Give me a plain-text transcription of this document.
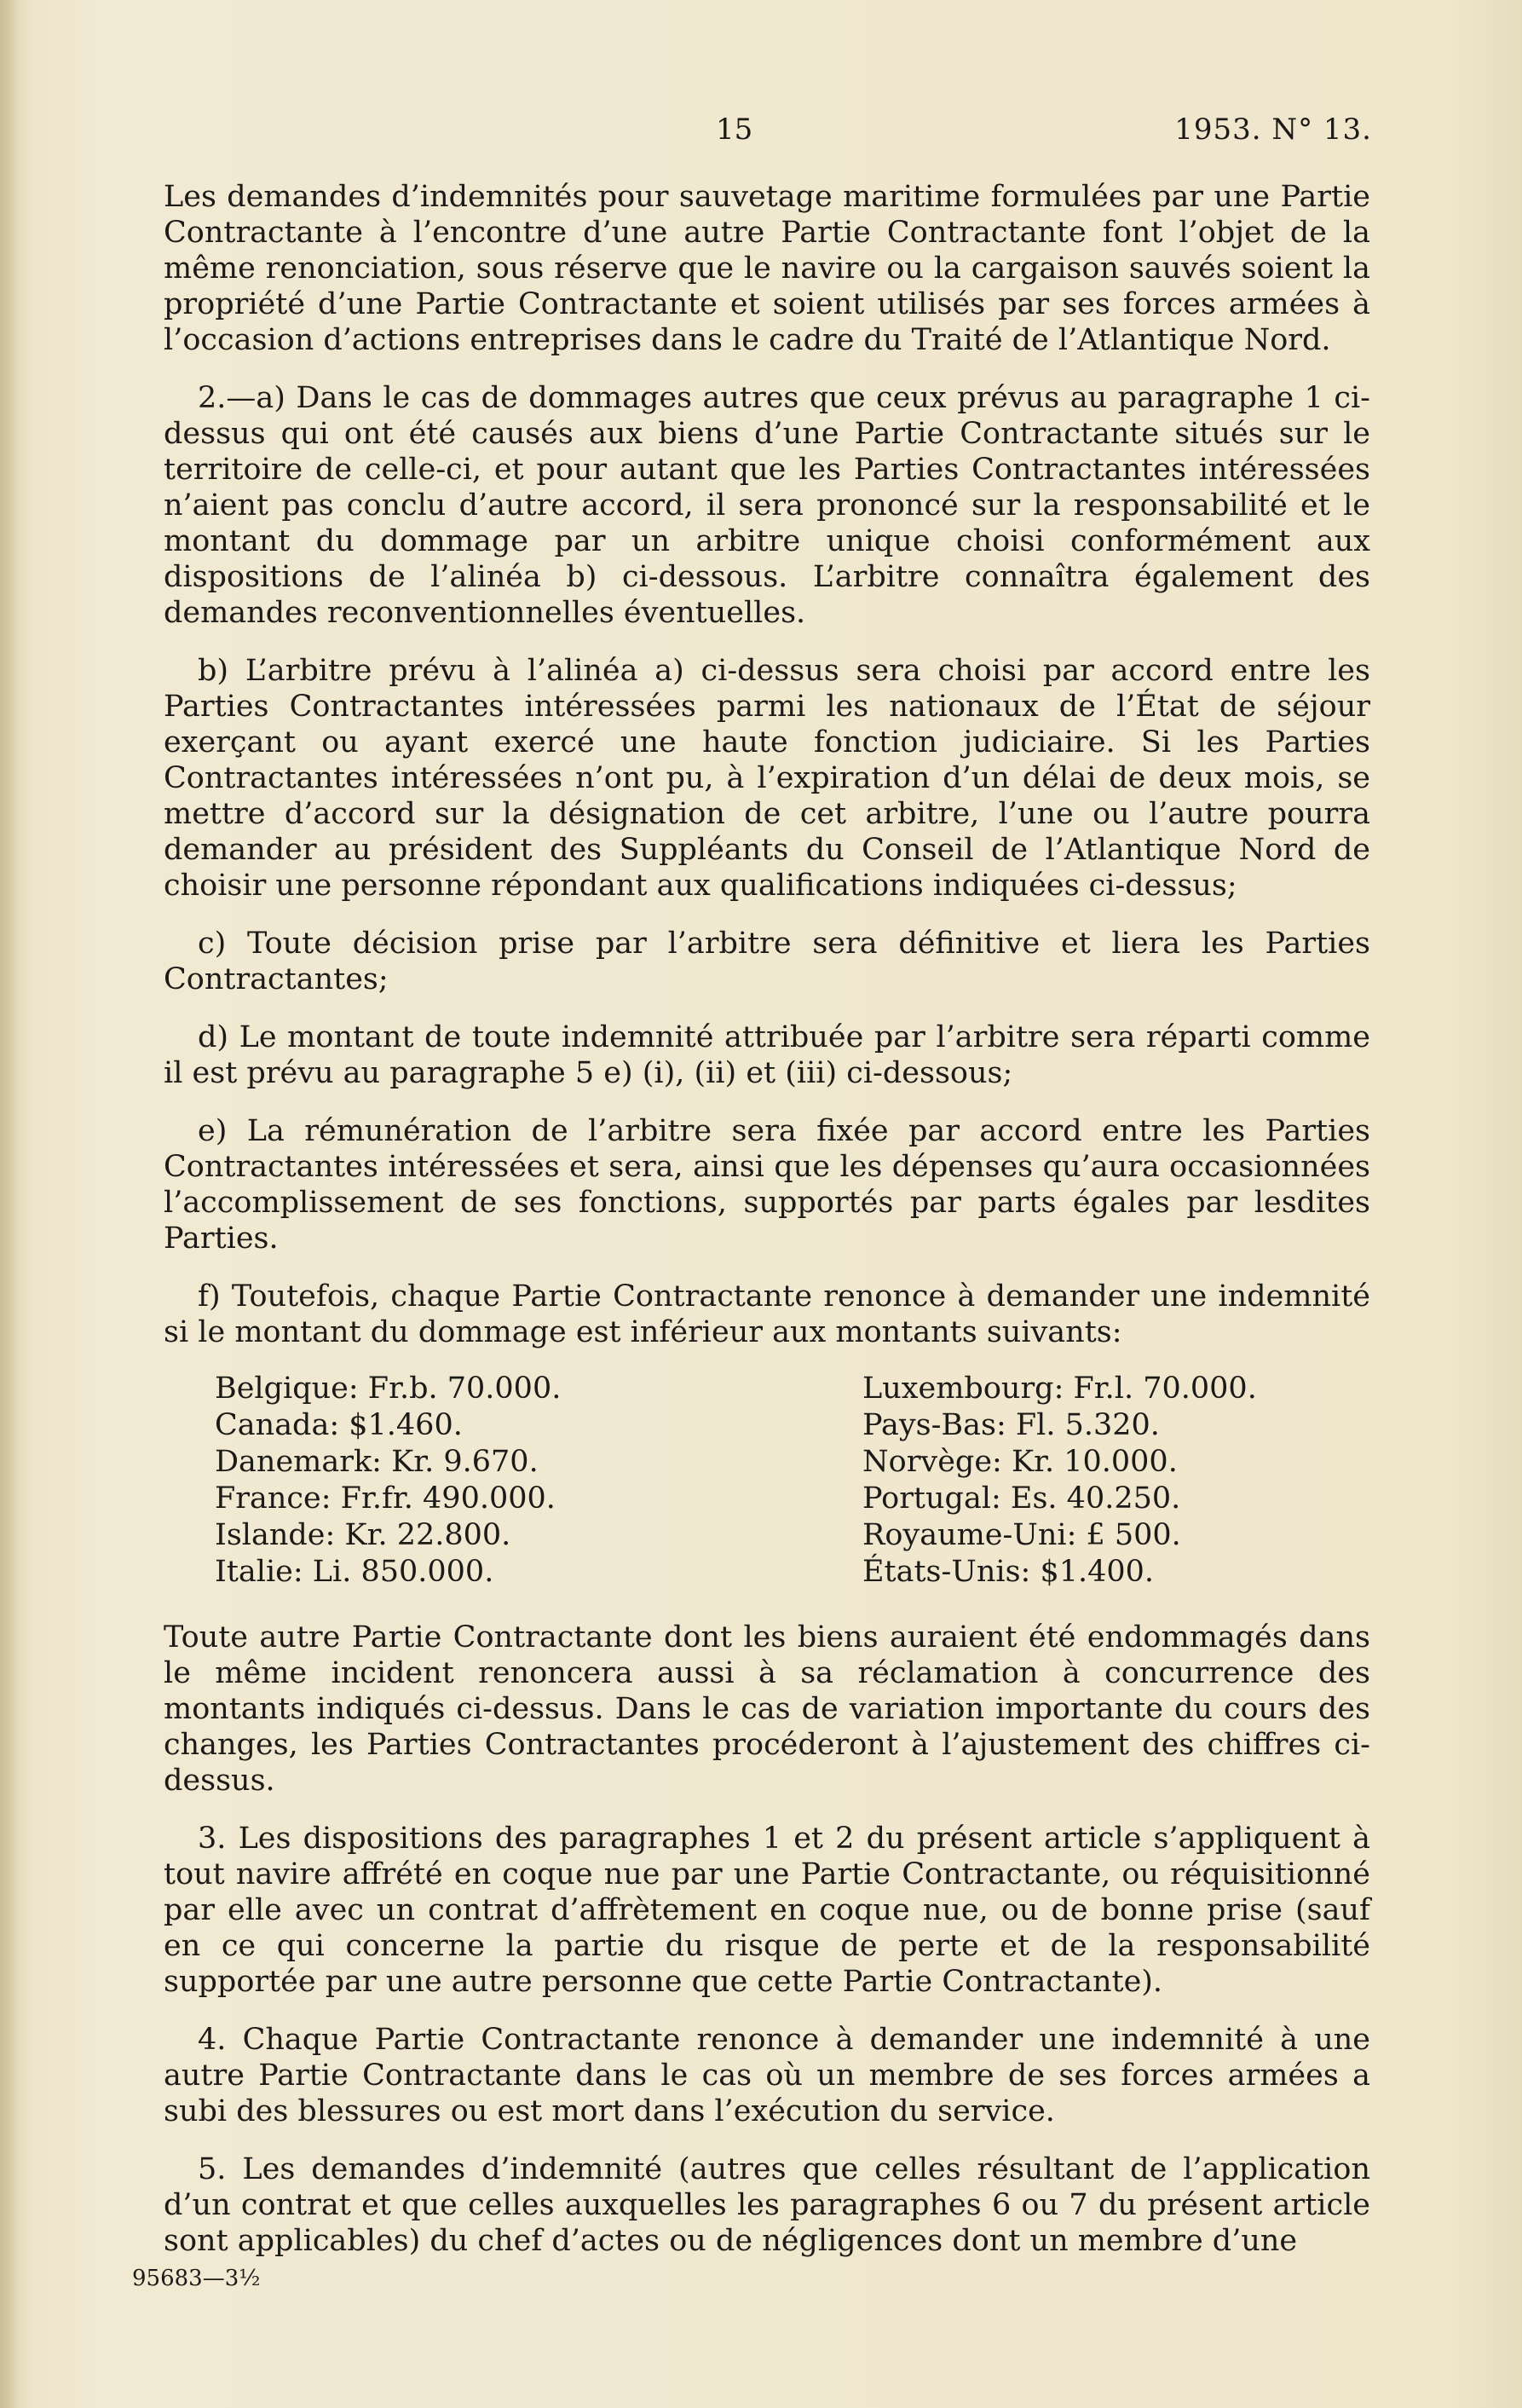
15	1953. N° 13.

Les demandes d’indemnités pour sauvetage maritime formulées par une Partie Contractante à l’encontre d’une autre Partie Contractante font l’objet de la même renonciation, sous réserve que le navire ou la cargaison sauvés soient la propriété d’une Partie Contractante et soient utilisés par ses forces armées à l’occasion d’actions entreprises dans le cadre du Traité de l’Atlantique Nord.

2.—a) Dans le cas de dommages autres que ceux prévus au paragraphe 1 ci-dessus qui ont été causés aux biens d’une Partie Contractante situés sur le territoire de celle-ci, et pour autant que les Parties Contractantes intéressées n’aient pas conclu d’autre accord, il sera prononcé sur la responsabilité et le montant du dommage par un arbitre unique choisi conformément aux dispositions de l’alinéa b) ci-dessous. L’arbitre connaîtra également des demandes reconventionnelles éventuelles.

b) L’arbitre prévu à l’alinéa a) ci-dessus sera choisi par accord entre les Parties Contractantes intéressées parmi les nationaux de l’État de séjour exerçant ou ayant exercé une haute fonction judiciaire. Si les Parties Contractantes intéressées n’ont pu, à l’expiration d’un délai de deux mois, se mettre d’accord sur la désignation de cet arbitre, l’une ou l’autre pourra demander au président des Suppléants du Conseil de l’Atlantique Nord de choisir une personne répondant aux qualifications indiquées ci-dessus;

c) Toute décision prise par l’arbitre sera définitive et liera les Parties Contractantes;

d) Le montant de toute indemnité attribuée par l’arbitre sera réparti comme il est prévu au paragraphe 5 e) (i), (ii) et (iii) ci-dessous;

e) La rémunération de l’arbitre sera fixée par accord entre les Parties Contractantes intéressées et sera, ainsi que les dépenses qu’aura occasionnées l’accomplissement de ses fonctions, supportés par parts égales par lesdites Parties.

f) Toutefois, chaque Partie Contractante renonce à demander une indemnité si le montant du dommage est inférieur aux montants suivants:

Belgique: Fr.b. 70.000.	Luxembourg: Fr.l. 70.000.
Canada: $1.460.	Pays-Bas: Fl. 5.320.
Danemark: Kr. 9.670.	Norvège: Kr. 10.000.
France: Fr.fr. 490.000.	Portugal: Es. 40.250.
Islande: Kr. 22.800.	Royaume-Uni: £ 500.
Italie: Li. 850.000.	États-Unis: $1.400.

Toute autre Partie Contractante dont les biens auraient été endommagés dans le même incident renoncera aussi à sa réclamation à concurrence des montants indiqués ci-dessus. Dans le cas de variation importante du cours des changes, les Parties Contractantes procéderont à l’ajustement des chiffres ci-dessus.

3. Les dispositions des paragraphes 1 et 2 du présent article s’appliquent à tout navire affrété en coque nue par une Partie Contractante, ou réquisitionné par elle avec un contrat d’affrètement en coque nue, ou de bonne prise (sauf en ce qui concerne la partie du risque de perte et de la responsabilité supportée par une autre personne que cette Partie Contractante).

4. Chaque Partie Contractante renonce à demander une indemnité à une autre Partie Contractante dans le cas où un membre de ses forces armées a subi des blessures ou est mort dans l’exécution du service.

5. Les demandes d’indemnité (autres que celles résultant de l’application d’un contrat et que celles auxquelles les paragraphes 6 ou 7 du présent article sont applicables) du chef d’actes ou de négligences dont un membre d’une

95683—3½
